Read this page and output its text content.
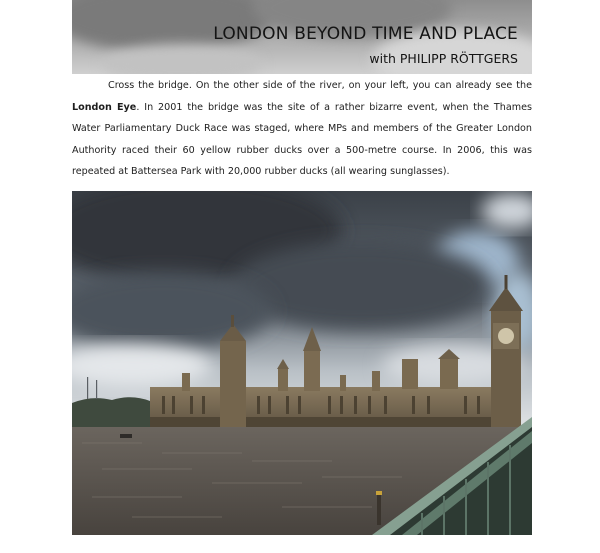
LONDON BEYOND TIME AND PLACE

with PHILIPP RÖTTGERS

Cross the bridge. On the other side of the river, on your left, you can already see the London Eye. In 2001 the bridge was the site of a rather bizarre event, when the Thames Water Parliamentary Duck Race was staged, where MPs and members of the Greater London Authority raced their 60 yellow rubber ducks over a 500-metre course. In 2006, this was repeated at Battersea Park with 20,000 rubber ducks (all wearing sunglasses).
